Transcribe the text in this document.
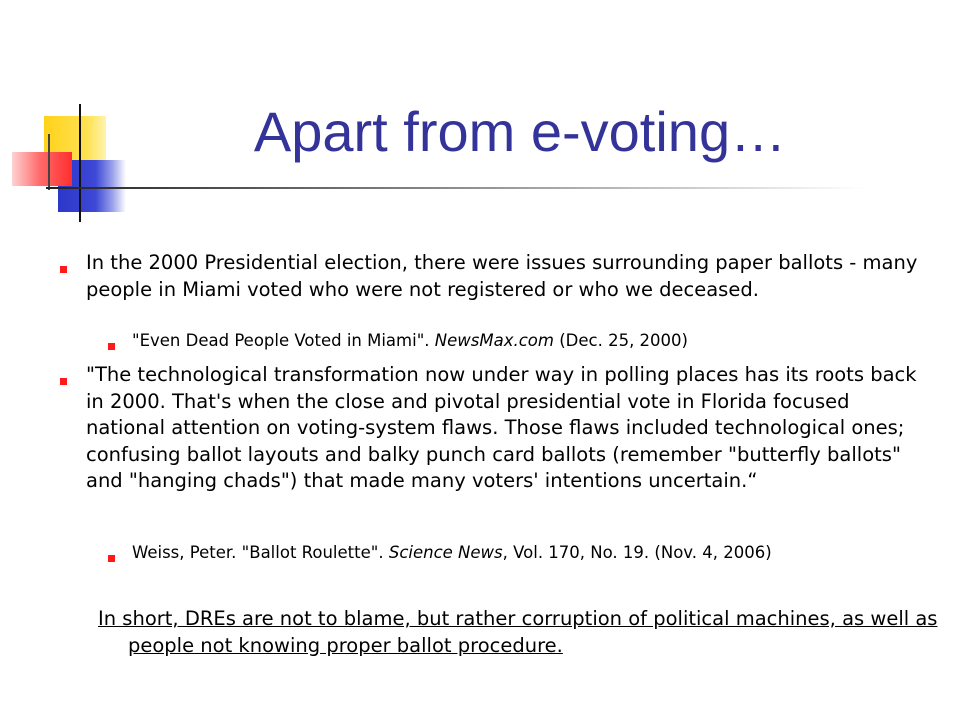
Apart from e-voting…
In the 2000 Presidential election, there were issues surrounding paper ballots - many people in Miami voted who were not registered or who we deceased.
"Even Dead People Voted in Miami". NewsMax.com (Dec. 25, 2000)
"The technological transformation now under way in polling places has its roots back in 2000. That's when the close and pivotal presidential vote in Florida focused national attention on voting-system flaws. Those flaws included technological ones; confusing ballot layouts and balky punch card ballots (remember "butterfly ballots" and "hanging chads") that made many voters' intentions uncertain.“
Weiss, Peter. "Ballot Roulette". Science News, Vol. 170, No. 19. (Nov. 4, 2006)
In short, DREs are not to blame, but rather corruption of political machines, as well as people not knowing proper ballot procedure.
